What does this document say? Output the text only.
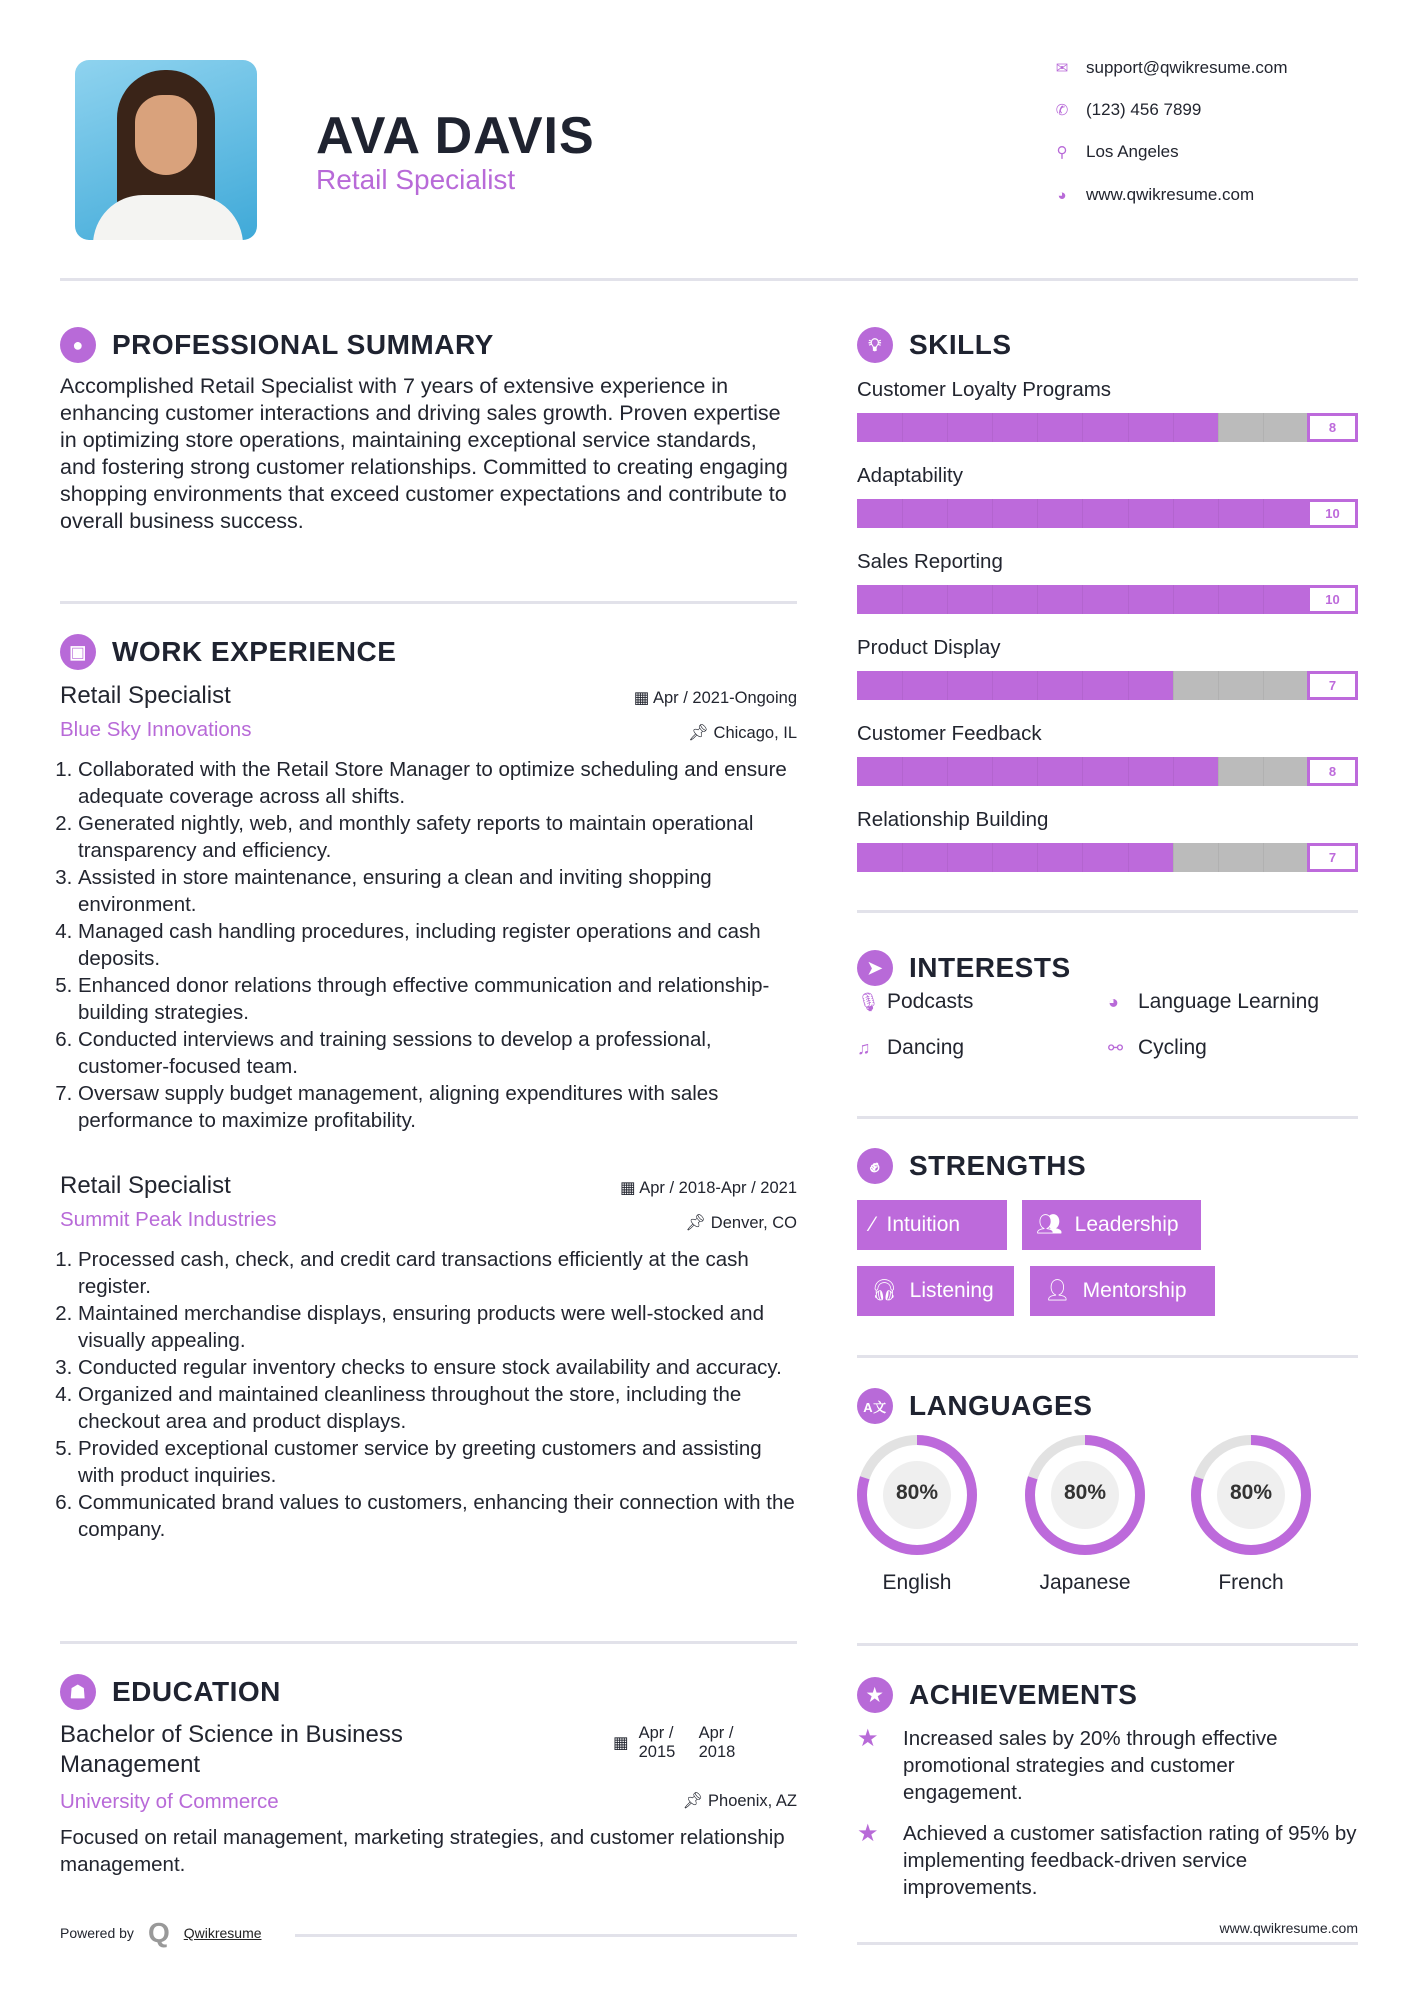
AVA DAVIS
Retail Specialist
✉ support@qwikresume.com
✆ (123) 456 7899
⚲ Los Angeles
◕	www.qwikresume.com
●	PROFESSIONAL SUMMARY

Accomplished Retail Specialist with 7 years of extensive experience in enhancing customer interactions and driving sales growth. Proven expertise in optimizing store operations, maintaining exceptional service standards, and fostering strong customer relationships. Committed to creating engaging shopping environments that exceed customer expectations and contribute to overall business success.

▣ WORK EXPERIENCE
Retail Specialist	▦ Apr / 2021-Ongoing
Blue Sky Innovations	📌︎ Chicago, IL
1. Collaborated with the Retail Store Manager to optimize scheduling and ensure adequate coverage across all shifts.
2. Generated nightly, web, and monthly safety reports to maintain operational transparency and efficiency.
3. Assisted in store maintenance, ensuring a clean and inviting shopping environment.
4. Managed cash handling procedures, including register operations and cash deposits.
5. Enhanced donor relations through effective communication and relationship-building strategies.
6. Conducted interviews and training sessions to develop a professional, customer-focused team.
7. Oversaw supply budget management, aligning expenditures with sales performance to maximize profitability.
Retail Specialist	▦ Apr / 2018-Apr / 2021
Summit Peak Industries	📌︎ Denver, CO
1. Processed cash, check, and credit card transactions efficiently at the cash register.
2. Maintained merchandise displays, ensuring products were well-stocked and visually appealing.
3. Conducted regular inventory checks to ensure stock availability and accuracy.
4. Organized and maintained cleanliness throughout the store, including the checkout area and product displays.
5. Provided exceptional customer service by greeting customers and assisting with product inquiries.
6. Communicated brand values to customers, enhancing their connection with the company.
☗ EDUCATION
Bachelor of Science in Business Management
▦
Apr / 2015
Apr / 2018
University of Commerce	📌︎ Phoenix, AZ

Focused on retail management, marketing strategies, and customer relationship management.

Powered by Q Qwikresume
💡︎ SKILLS
Customer Loyalty Programs
8
Adaptability
10
Sales Reporting
10
Product Display
7
Customer Feedback
8
Relationship Building
7
➤ INTERESTS
🎙︎ Podcasts	◕ Language Learning
♫ Dancing	⚯ Cycling
✊︎	STRENGTHS
⁄ Intuition	👥︎ Leadership
🎧︎ Listening 👤︎ Mentorship
A文 LANGUAGES
80%
English
80%
Japanese
80%
French
★ ACHIEVEMENTS
★	Increased sales by 20% through effective promotional strategies and customer engagement.
★	Achieved a customer satisfaction rating of 95% by implementing feedback-driven service improvements.
www.qwikresume.com
